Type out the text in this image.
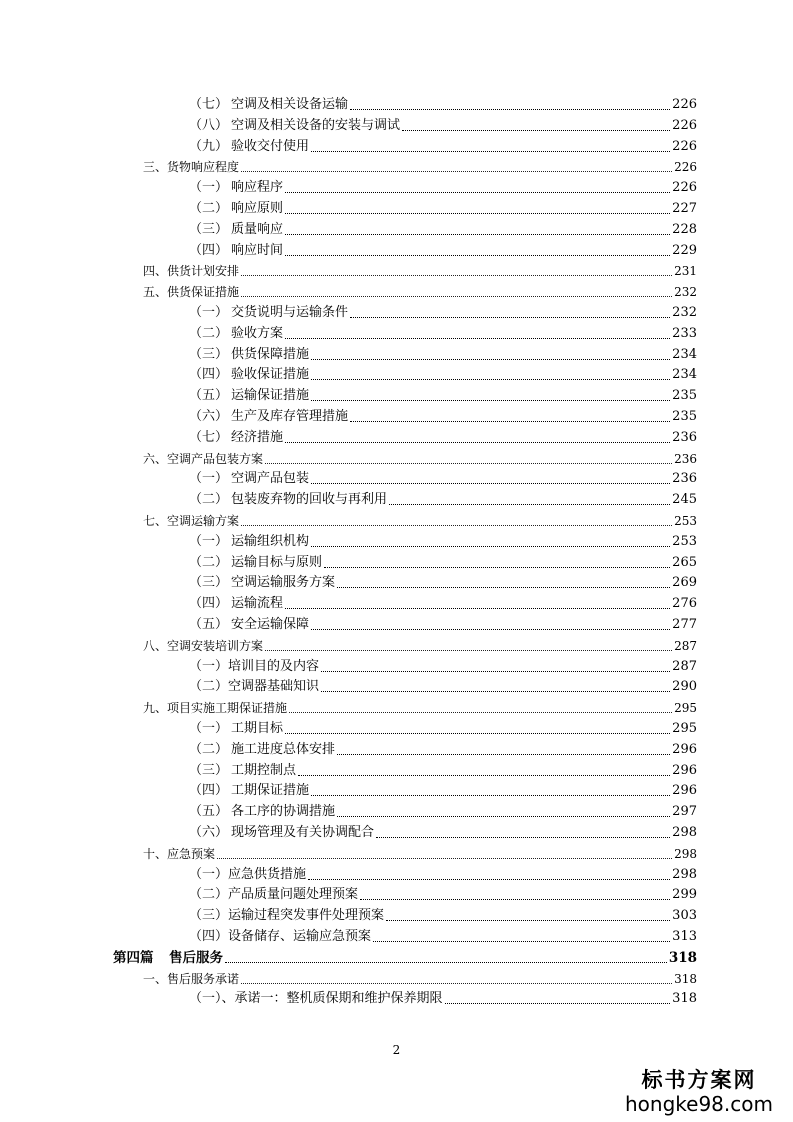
（七） 空调及相关设备运输	226
（八） 空调及相关设备的安装与调试	226
（九） 验收交付使用	226
三、货物响应程度	226
（一） 响应程序	226
（二） 响应原则	227
（三） 质量响应	228
（四） 响应时间	229
四、供货计划安排	231
五、供货保证措施	232
（一） 交货说明与运输条件	232
（二） 验收方案	233
（三） 供货保障措施	234
（四） 验收保证措施	234
（五） 运输保证措施	235
（六） 生产及库存管理措施	235
（七） 经济措施	236
六、空调产品包装方案	236
（一） 空调产品包装	236
（二） 包装废弃物的回收与再利用	245
七、空调运输方案	253
（一） 运输组织机构	253
（二） 运输目标与原则	265
（三） 空调运输服务方案	269
（四） 运输流程	276
（五） 安全运输保障	277
八、空调安装培训方案	287
（一）培训目的及内容	287
（二）空调器基础知识	290
九、项目实施工期保证措施	295
（一） 工期目标	295
（二） 施工进度总体安排	296
（三） 工期控制点	296
（四） 工期保证措施	296
（五） 各工序的协调措施	297
（六） 现场管理及有关协调配合	298
十、应急预案	298
（一）应急供货措施	298
（二）产品质量问题处理预案	299
（三）运输过程突发事件处理预案	303
（四）设备储存、运输应急预案	313
第四篇 售后服务	318
一、售后服务承诺	318
（一）、承诺一：整机质保期和维护保养期限	318
2
标书方案网
hongke98.com
